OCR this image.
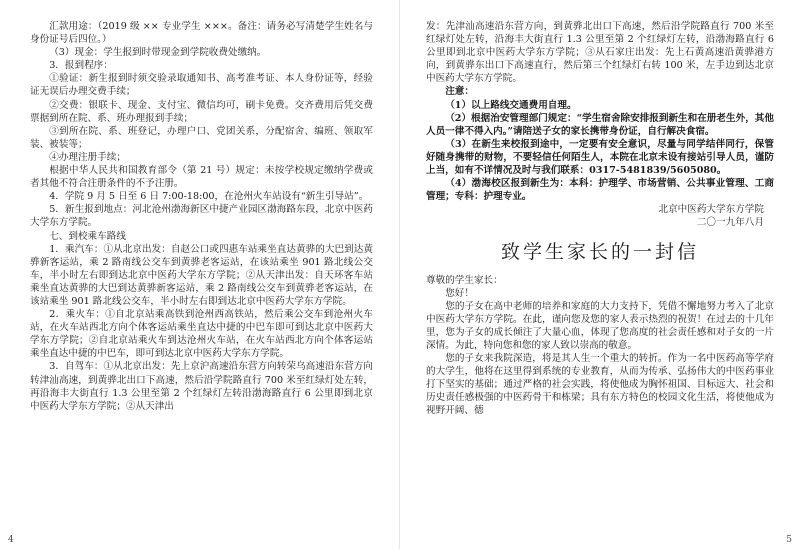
汇款用途：（2019 级 ×× 专业学生 ×××。备注：请务必写清楚学生姓名与身份证号后四位。）

（3）现金：学生报到时带现金到学院收费处缴纳。

3．报到程序：

①验证：新生报到时须交验录取通知书、高考准考证、本人身份证等，经验证无误后办理交费手续；

②交费：银联卡、现金、支付宝、微信均可，刷卡免费。交齐费用后凭交费票据到所在院、系、班办理报到手续；

③到所在院、系、班登记，办理户口、党团关系，分配宿舍、编班、领取军装、被装等；

④办理注册手续；

根据中华人民共和国教育部令（第 21 号）规定：未按学校规定缴纳学费或者其他不符合注册条件的不予注册。

4．学院 9 月 5 日至 6 日 7:00-18:00，在沧州火车站设有“新生引导站”。

5．新生报到地点：河北沧州渤海新区中捷产业园区渤海路东段，北京中医药大学东方学院。

七、到校乘车路线

1．乘汽车：①从北京出发：自赵公口或四惠车站乘坐直达黄骅的大巴到达黄骅新客运站，乘 2 路南线公交车到黄骅老客运站，在该站乘坐 901 路北线公交车，半小时左右即到达北京中医药大学东方学院；②从天津出发：自天环客车站乘坐直达黄骅的大巴到达黄骅新客运站，乘 2 路南线公交车到黄骅老客运站，在该站乘坐 901 路北线公交车，半小时左右即到达北京中医药大学东方学院。

2．乘火车：①自北京站乘高铁到沧州西高铁站，然后乘公交车到沧州火车站，在火车站西北方向个体客运站乘坐直达中捷的中巴车即可到达北京中医药大学东方学院；②自北京站乘火车到达沧州火车站，在火车站西北方向个体客运站乘坐直达中捷的中巴车，即可到达北京中医药大学东方学院。

3．自驾车：①从北京出发：先上京沪高速沿东营方向转荣乌高速沿东营方向转津汕高速，到黄骅北出口下高速，然后沿学院路直行 700 米至红绿灯处左转，再沿海丰大街直行 1.3 公里至第 2 个红绿灯左转沿渤海路直行 6 公里即到北京中医药大学东方学院；②从天津出

4

发：先津汕高速沿东营方向，到黄骅北出口下高速，然后沿学院路直行 700 米至红绿灯处左转，沿海丰大街直行 1.3 公里至第 2 个红绿灯左转，沿渤海路直行 6 公里即到北京中医药大学东方学院；③从石家庄出发：先上石黄高速沿黄骅港方向，到黄骅东出口下高速直行，然后第三个红绿灯右转 100 米，左手边到达北京中医药大学东方学院。

注意：

（1）以上路线交通费用自理。

（2）根据治安管理部门规定：“学生宿舍除安排报到新生和在册老生外，其他人员一律不得入内。”请陪送子女的家长携带身份证，自行解决食宿。

（3）在新生来校报到途中，一定要有安全意识，尽量与同学结伴同行，保管好随身携带的财物，不要轻信任何陌生人，本院在北京未设有接站引导人员，谨防上当，如有不详情况及时与我们联系：0317-5481839/5605080。

（4）渤海校区报到新生为：本科：护理学、市场营销、公共事业管理、工商管理；专科：护理专业。

北京中医药大学东方学院

二〇一九年八月

致学生家长的一封信

尊敬的学生家长：

您好！

您的子女在高中老师的培养和家庭的大力支持下，凭借不懈地努力考入了北京中医药大学东方学院。在此，谨向您及您的家人表示热烈的祝贺！在过去的十几年里，您为子女的成长倾注了大量心血，体现了您高度的社会责任感和对子女的一片深情。为此，特向您和您的家人致以崇高的敬意。

您的子女来我院深造，将是其人生一个重大的转折。作为一名中医药高等学府的大学生，他将在这里得到系统的专业教育，从而为传承、弘扬伟大的中医药事业打下坚实的基础；通过严格的社会实践，将使他成为胸怀祖国、目标远大、社会和历史责任感极强的中医药骨干和栋梁；具有东方特色的校园文化生活，将使他成为视野开阔、德

5
